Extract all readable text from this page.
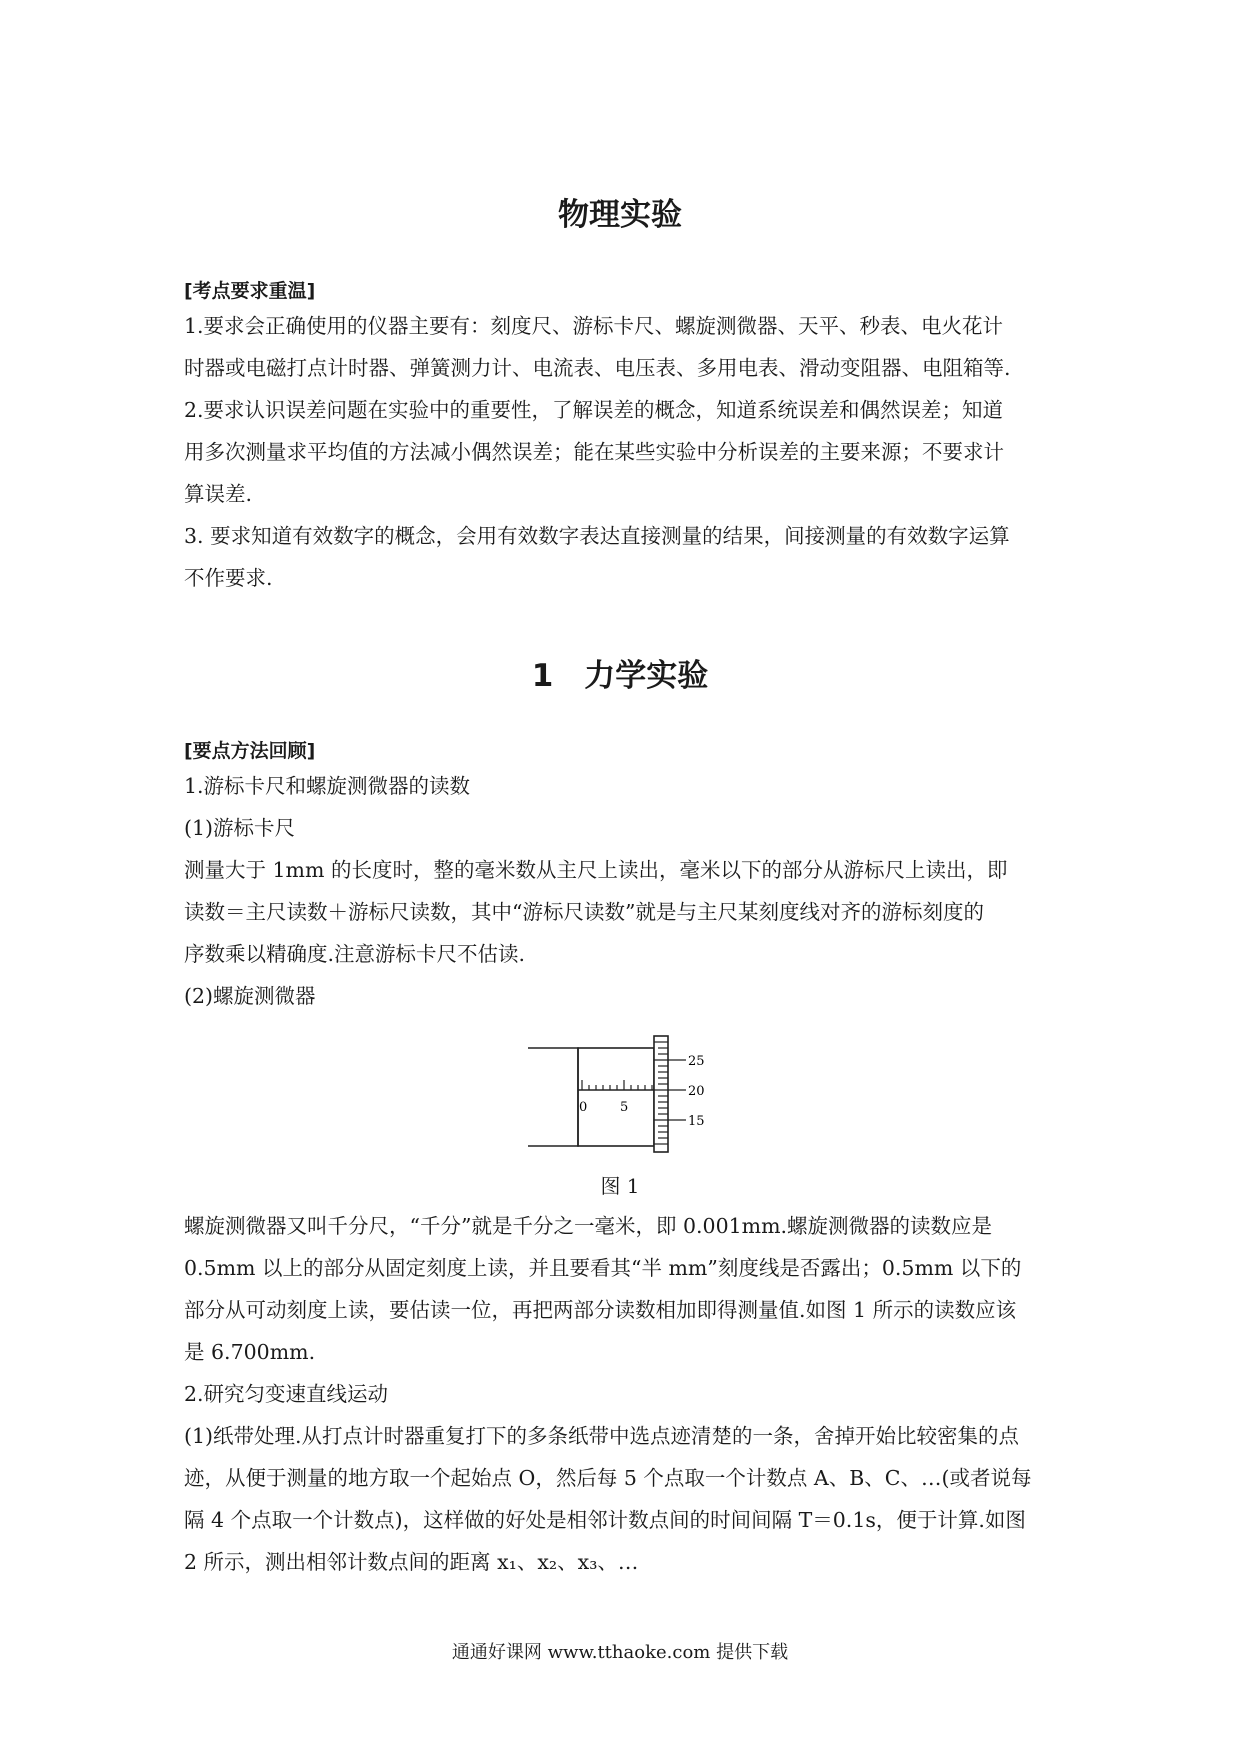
物理实验
[考点要求重温]
1.要求会正确使用的仪器主要有：刻度尺、游标卡尺、螺旋测微器、天平、秒表、电火花计
时器或电磁打点计时器、弹簧测力计、电流表、电压表、多用电表、滑动变阻器、电阻箱等.
2.要求认识误差问题在实验中的重要性，了解误差的概念，知道系统误差和偶然误差；知道
用多次测量求平均值的方法减小偶然误差；能在某些实验中分析误差的主要来源；不要求计
算误差.
3. 要求知道有效数字的概念，会用有效数字表达直接测量的结果，间接测量的有效数字运算
不作要求.
1　力学实验
[要点方法回顾]
1.游标卡尺和螺旋测微器的读数
(1)游标卡尺
测量大于 1mm 的长度时，整的毫米数从主尺上读出，毫米以下的部分从游标尺上读出，即
读数＝主尺读数＋游标尺读数，其中“游标尺读数”就是与主尺某刻度线对齐的游标刻度的
序数乘以精确度.注意游标卡尺不估读.
(2)螺旋测微器
0	5
25
20
15
图 1
螺旋测微器又叫千分尺，“千分”就是千分之一毫米，即 0.001mm.螺旋测微器的读数应是
0.5mm 以上的部分从固定刻度上读，并且要看其“半 mm”刻度线是否露出；0.5mm 以下的
部分从可动刻度上读，要估读一位，再把两部分读数相加即得测量值.如图 1 所示的读数应该
是 6.700mm.
2.研究匀变速直线运动
(1)纸带处理.从打点计时器重复打下的多条纸带中选点迹清楚的一条，舍掉开始比较密集的点
迹，从便于测量的地方取一个起始点 O，然后每 5 个点取一个计数点 A、B、C、…(或者说每
隔 4 个点取一个计数点)，这样做的好处是相邻计数点间的时间间隔 T＝0.1s，便于计算.如图
2 所示，测出相邻计数点间的距离 x₁、x₂、x₃、…
通通好课网 www.tthaoke.com 提供下载
